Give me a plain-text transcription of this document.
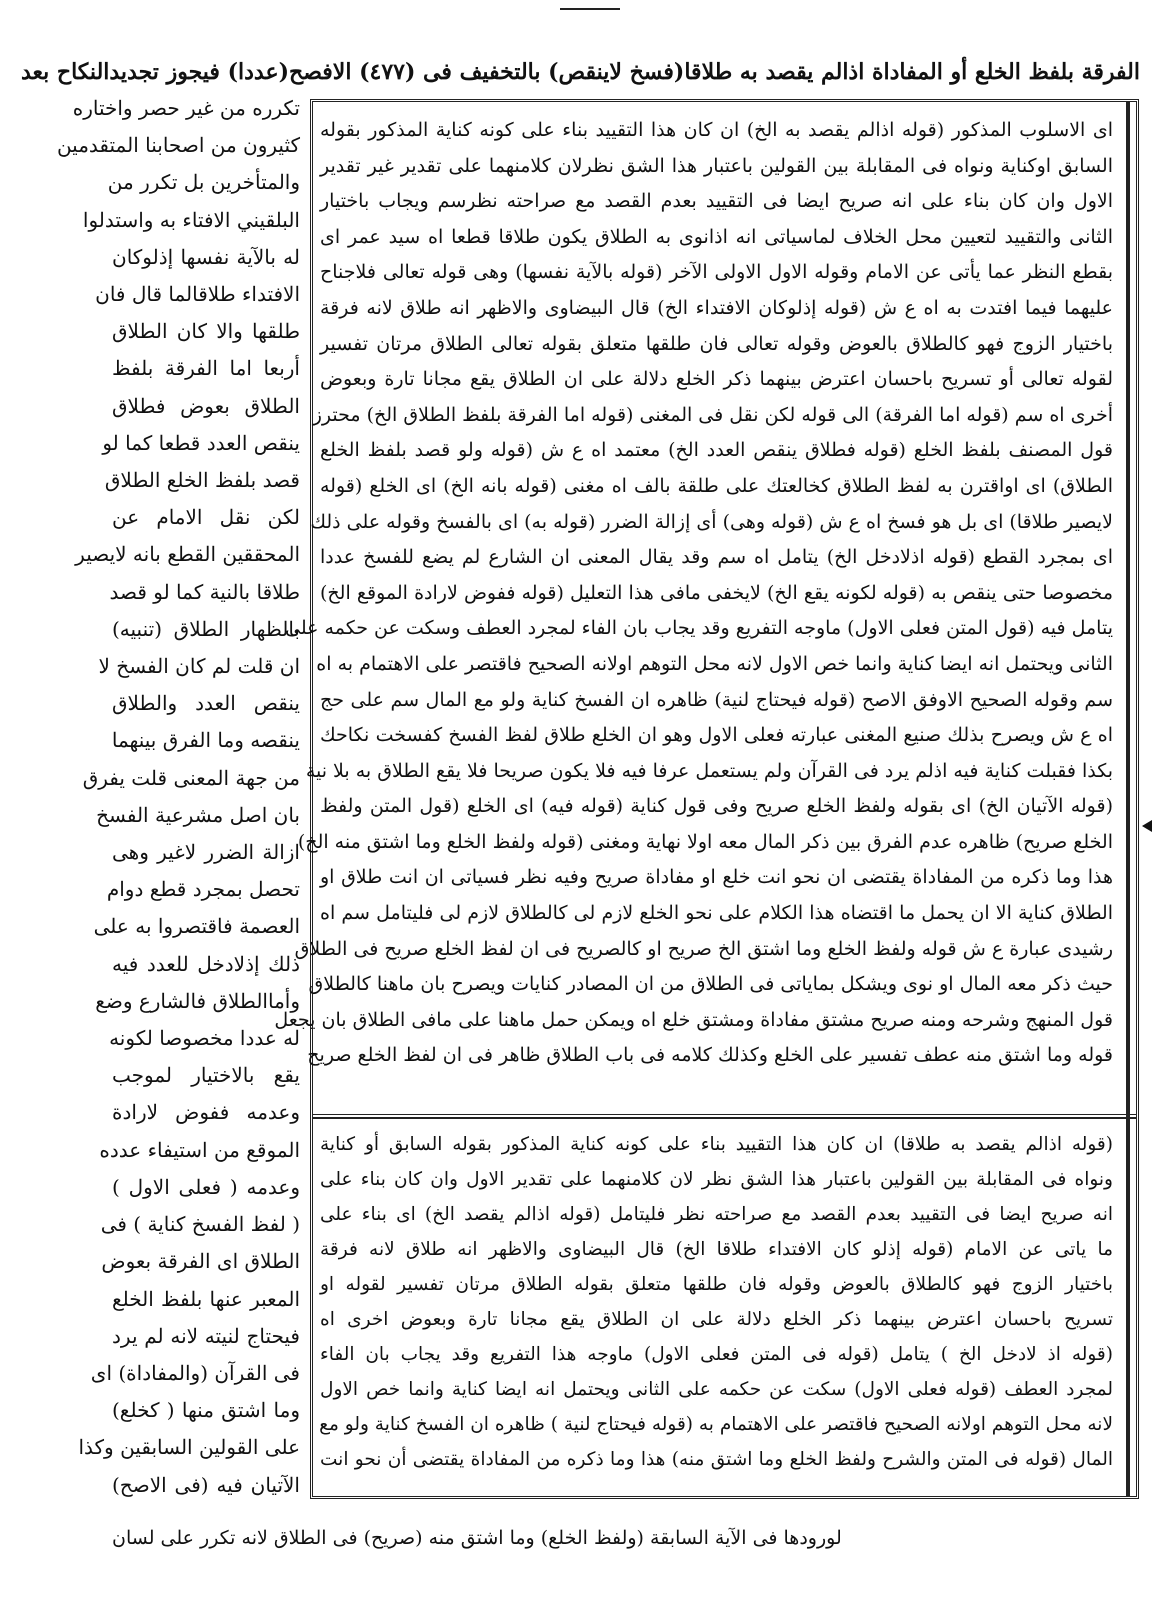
الفرقة بلفظ الخلع أو المفاداة اذالم يقصد به طلاقا(فسخ لاينقص) بالتخفيف فى (٤٧٧) الافصح(عددا) فيجوز تجديدالنكاح بعد
تكرره من غير حصر واختاره
كثيرون من اصحابنا المتقدمين
والمتأخرين بل تكرر من
البلقيني الافتاء به واستدلوا
له بالآية نفسها إذلوكان
الافتداء طلاقالما قال فان
طلقها والا كان الطلاق
أربعا اما الفرقة بلفظ
الطلاق بعوض فطلاق
ينقص العدد قطعا كما لو
قصد بلفظ الخلع الطلاق
لكن نقل الامام عن
المحققين القطع بانه لايصير
طلاقا بالنية كما لو قصد
بالظهار الطلاق (تنبيه)
ان قلت لم كان الفسخ لا
ينقص العدد والطلاق
ينقصه وما الفرق بينهما
من جهة المعنى قلت يفرق
بان اصل مشرعية الفسخ
ازالة الضرر لاغير وهى
تحصل بمجرد قطع دوام
العصمة فاقتصروا به على
ذلك إذلادخل للعدد فيه
وأماالطلاق فالشارع وضع
له عددا مخصوصا لكونه
يقع بالاختيار لموجب
وعدمه ففوض لارادة
الموقع من استيفاء عدده
وعدمه ( فعلى الاول )
( لفظ الفسخ كناية ) فى
الطلاق اى الفرقة بعوض
المعبر عنها بلفظ الخلع
فيحتاج لنيته لانه لم يرد
فى القرآن (والمفاداة) اى
وما اشتق منها ( كخلع)
على القولين السابقين وكذا
الآتيان فيه (فى الاصح)
اى الاسلوب المذكور (قوله اذالم يقصد به الخ) ان كان هذا التقييد بناء على كونه كناية المذكور بقوله
السابق اوكناية ونواه فى المقابلة بين القولين باعتبار هذا الشق نظرلان كلامنهما على تقدير غير تقدير
الاول وان كان بناء على انه صريح ايضا فى التقييد بعدم القصد مع صراحته نظرسم ويجاب باختيار
الثانى والتقييد لتعيين محل الخلاف لماسياتى انه اذانوى به الطلاق يكون طلاقا قطعا اه سيد عمر اى
بقطع النظر عما يأتى عن الامام وقوله الاول الاولى الآخر (قوله بالآية نفسها) وهى قوله تعالى فلاجناح
عليهما فيما افتدت به اه ع ش (قوله إذلوكان الافتداء الخ) قال البيضاوى والاظهر انه طلاق لانه فرقة
باختيار الزوج فهو كالطلاق بالعوض وقوله تعالى فان طلقها متعلق بقوله تعالى الطلاق مرتان تفسير
لقوله تعالى أو تسريح باحسان اعترض بينهما ذكر الخلع دلالة على ان الطلاق يقع مجانا تارة وبعوض
أخرى اه سم (قوله اما الفرقة) الى قوله لكن نقل فى المغنى (قوله اما الفرقة بلفظ الطلاق الخ) محترز
قول المصنف بلفظ الخلع (قوله فطلاق ينقص العدد الخ) معتمد اه ع ش (قوله ولو قصد بلفظ الخلع
الطلاق) اى اواقترن به لفظ الطلاق كخالعتك على طلقة بالف اه مغنى (قوله بانه الخ) اى الخلع (قوله
لايصير طلاقا) اى بل هو فسخ اه ع ش (قوله وهى) أى إزالة الضرر (قوله به) اى بالفسخ وقوله على ذلك
اى بمجرد القطع (قوله اذلادخل الخ) يتامل اه سم وقد يقال المعنى ان الشارع لم يضع للفسخ عددا
مخصوصا حتى ينقص به (قوله لكونه يقع الخ) لايخفى مافى هذا التعليل (قوله ففوض لارادة الموقع الخ)
يتامل فيه (قول المتن فعلى الاول) ماوجه التفريع وقد يجاب بان الفاء لمجرد العطف وسكت عن حكمه على
الثانى ويحتمل انه ايضا كناية وانما خص الاول لانه محل التوهم اولانه الصحيح فاقتصر على الاهتمام به اه
سم وقوله الصحيح الاوفق الاصح (قوله فيحتاج لنية) ظاهره ان الفسخ كناية ولو مع المال سم على حج
اه ع ش ويصرح بذلك صنيع المغنى عبارته فعلى الاول وهو ان الخلع طلاق لفظ الفسخ كفسخت نكاحك
بكذا فقبلت كناية فيه اذلم يرد فى القرآن ولم يستعمل عرفا فيه فلا يكون صريحا فلا يقع الطلاق به بلا نية
(قوله الآتيان الخ) اى بقوله ولفظ الخلع صريح وفى قول كناية (قوله فيه) اى الخلع (قول المتن ولفظ
الخلع صريح) ظاهره عدم الفرق بين ذكر المال معه اولا نهاية ومغنى (قوله ولفظ الخلع وما اشتق منه الخ)
هذا وما ذكره من المفاداة يقتضى ان نحو انت خلع او مفاداة صريح وفيه نظر فسياتى ان انت طلاق او
الطلاق كناية الا ان يحمل ما اقتضاه هذا الكلام على نحو الخلع لازم لى كالطلاق لازم لى فليتامل سم اه
رشيدى عبارة ع ش قوله ولفظ الخلع وما اشتق الخ صريح او كالصريح فى ان لفظ الخلع صريح فى الطلاق
حيث ذكر معه المال او نوى ويشكل بماياتى فى الطلاق من ان المصادر كنايات ويصرح بان ماهنا كالطلاق
قول المنهج وشرحه ومنه صريح مشتق مفاداة ومشتق خلع اه ويمكن حمل ماهنا على مافى الطلاق بان يجعل
قوله وما اشتق منه عطف تفسير على الخلع وكذلك كلامه فى باب الطلاق ظاهر فى ان لفظ الخلع صريح
(قوله اذالم يقصد به طلاقا) ان كان هذا التقييد بناء على كونه كناية المذكور بقوله السابق أو كناية
ونواه فى المقابلة بين القولين باعتبار هذا الشق نظر لان كلامنهما على تقدير الاول وان كان بناء على
انه صريح ايضا فى التقييد بعدم القصد مع صراحته نظر فليتامل (قوله اذالم يقصد الخ) اى بناء على
ما ياتى عن الامام (قوله إذلو كان الافتداء طلاقا الخ) قال البيضاوى والاظهر انه طلاق لانه فرقة
باختيار الزوج فهو كالطلاق بالعوض وقوله فان طلقها متعلق بقوله الطلاق مرتان تفسير لقوله او
تسريح باحسان اعترض بينهما ذكر الخلع دلالة على ان الطلاق يقع مجانا تارة وبعوض اخرى اه
(قوله اذ لادخل الخ ) يتامل (قوله فى المتن فعلى الاول) ماوجه هذا التفريع وقد يجاب بان الفاء
لمجرد العطف (قوله فعلى الاول) سكت عن حكمه على الثانى ويحتمل انه ايضا كناية وانما خص الاول
لانه محل التوهم اولانه الصحيح فاقتصر على الاهتمام به (قوله فيحتاج لنية ) ظاهره ان الفسخ كناية ولو مع
المال (قوله فى المتن والشرح ولفظ الخلع وما اشتق منه) هذا وما ذكره من المفاداة يقتضى أن نحو انت
لورودها فى الآية السابقة (ولفظ الخلع) وما اشتق منه (صريح) فى الطلاق لانه تكرر على لسان
